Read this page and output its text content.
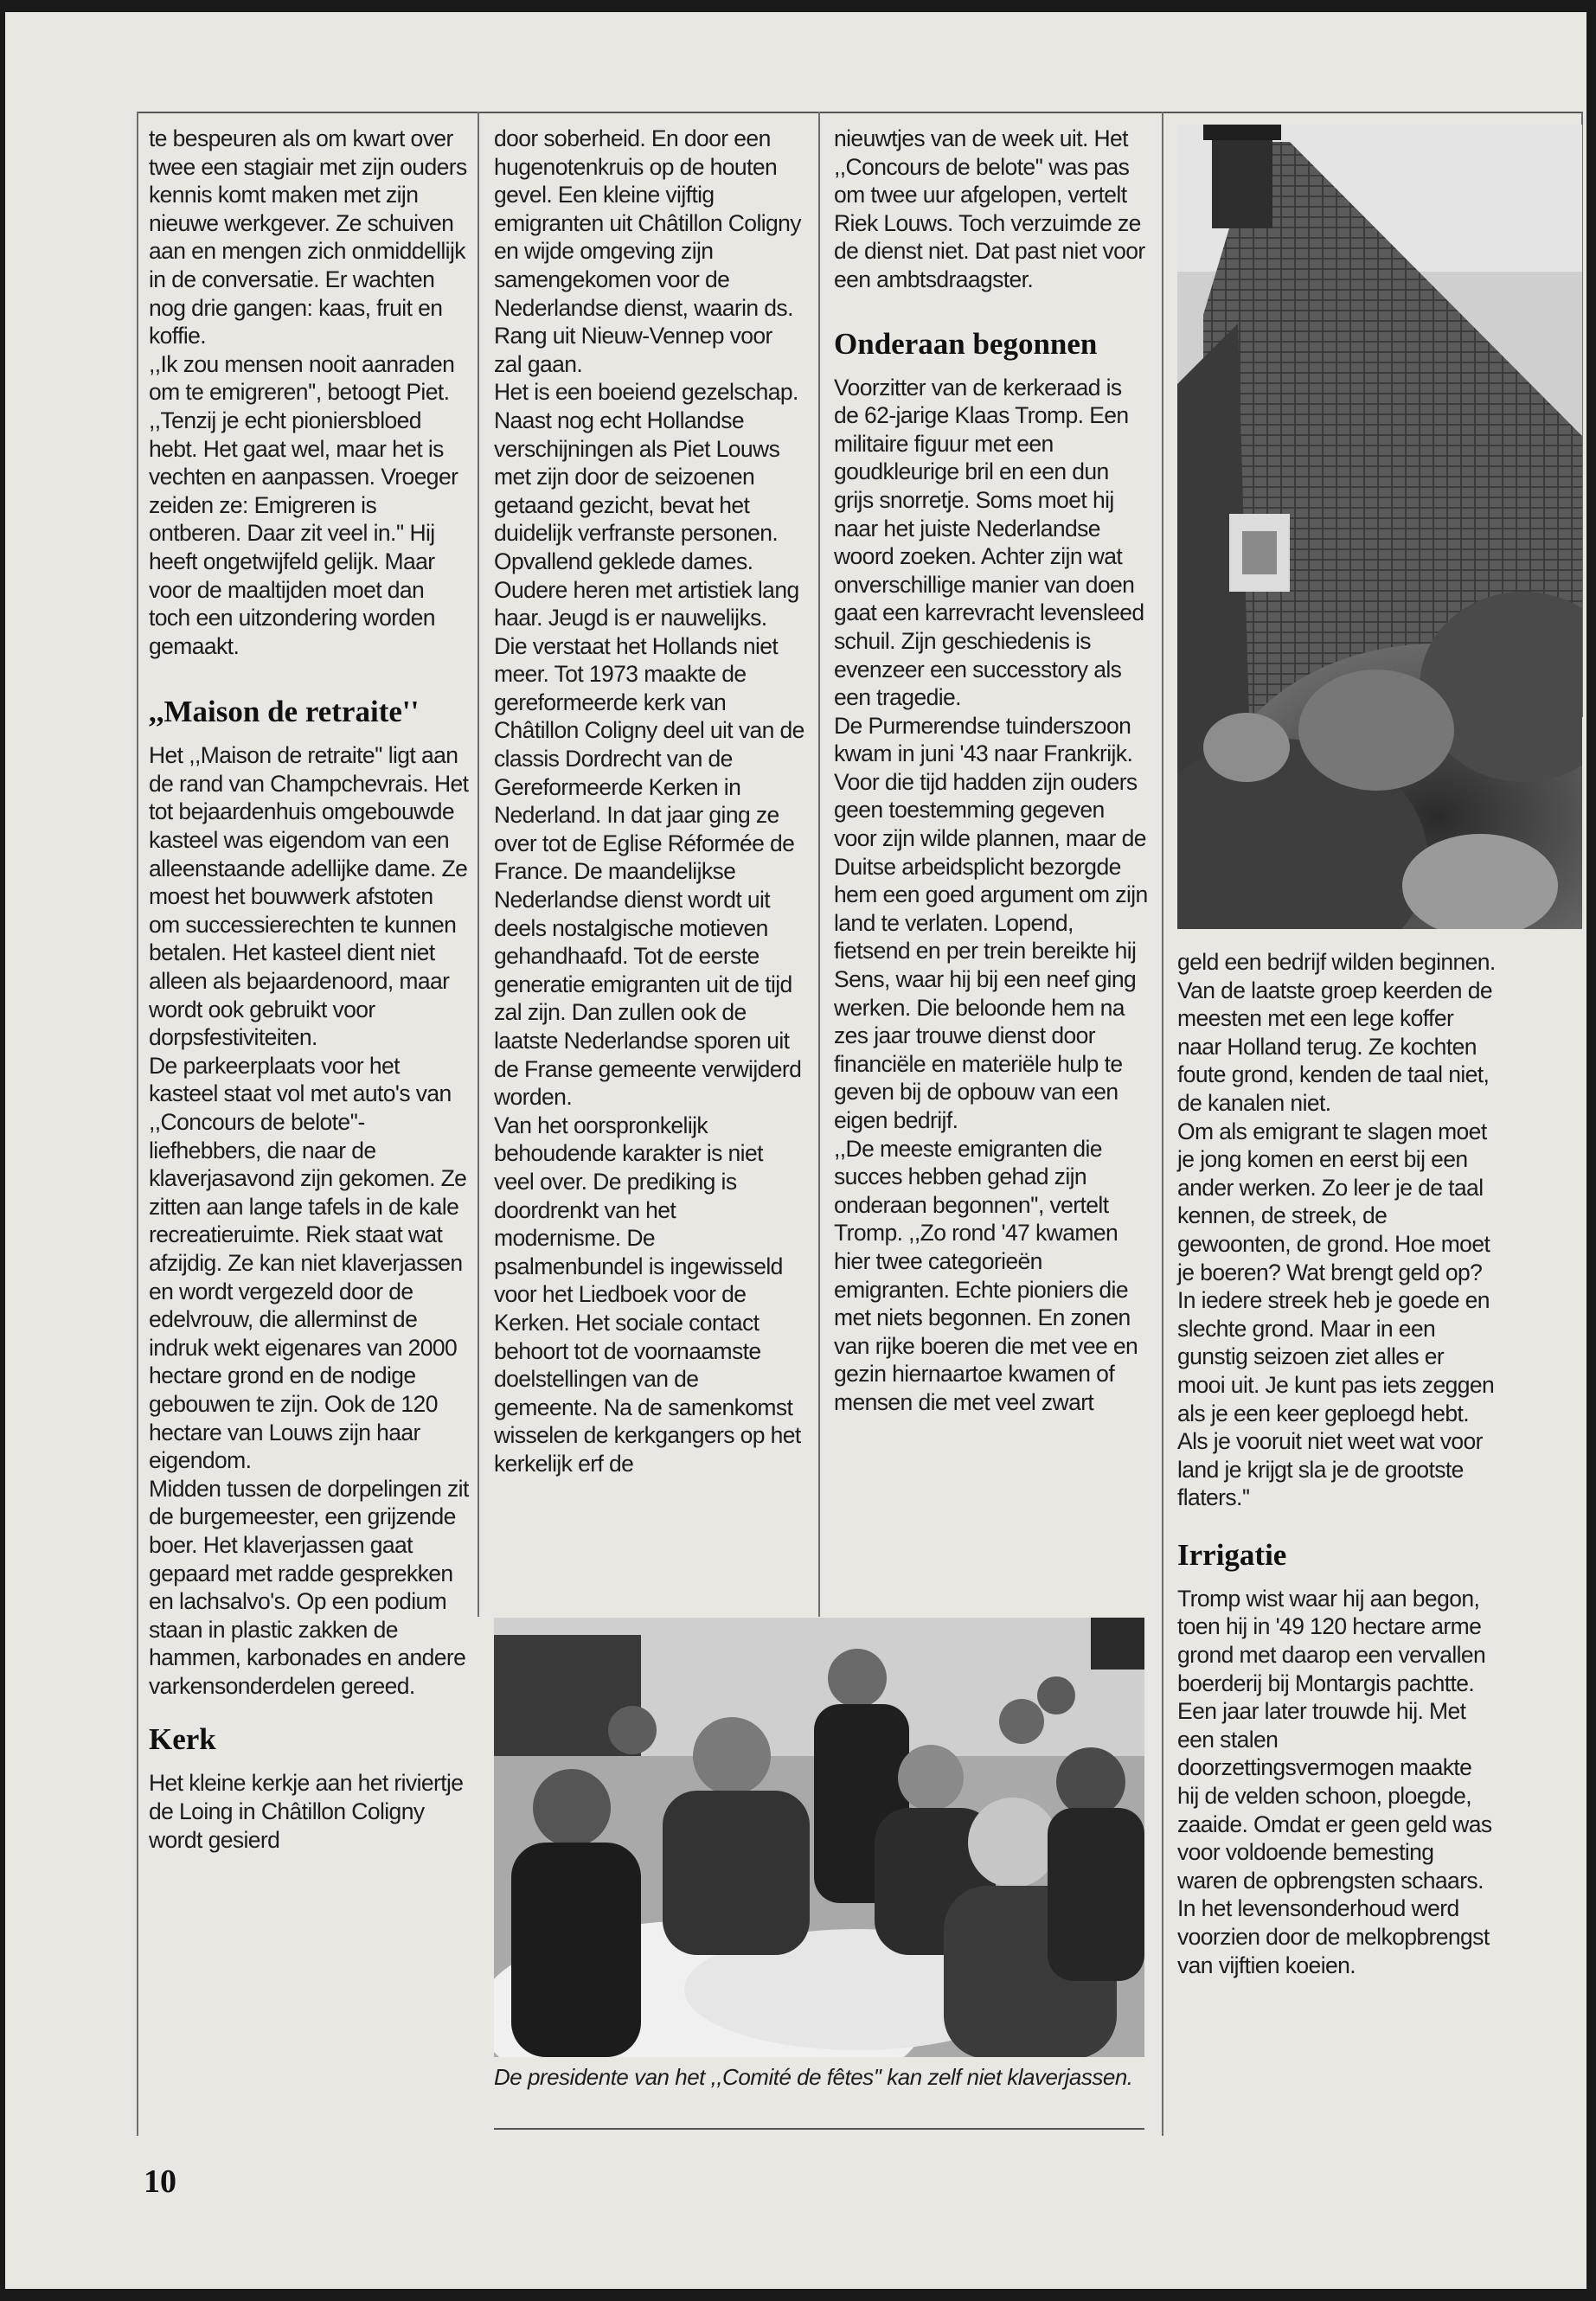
te bespeuren als om kwart over twee een stagiair met zijn ouders kennis komt maken met zijn nieuwe werkgever. Ze schuiven aan en mengen zich onmiddellijk in de conversatie. Er wachten nog drie gangen: kaas, fruit en koffie.

,,Ik zou mensen nooit aanraden om te emigreren'', betoogt Piet. ,,Tenzij je echt pioniersbloed hebt. Het gaat wel, maar het is vechten en aanpassen. Vroeger zeiden ze: Emigreren is ontberen. Daar zit veel in.'' Hij heeft ongetwijfeld gelijk. Maar voor de maaltijden moet dan toch een uitzondering worden gemaakt.

,,Maison de retraite''

Het ,,Maison de retraite'' ligt aan de rand van Champchevrais. Het tot bejaardenhuis omgebouwde kasteel was eigendom van een alleenstaande adellijke dame. Ze moest het bouwwerk afstoten om successierechten te kunnen betalen. Het kasteel dient niet alleen als bejaardenoord, maar wordt ook gebruikt voor dorpsfestiviteiten.

De parkeerplaats voor het kasteel staat vol met auto's van ,,Concours de belote''-liefhebbers, die naar de klaverjasavond zijn gekomen. Ze zitten aan lange tafels in de kale recreatieruimte. Riek staat wat afzijdig. Ze kan niet klaverjassen en wordt vergezeld door de edelvrouw, die allerminst de indruk wekt eigenares van 2000 hectare grond en de nodige gebouwen te zijn. Ook de 120 hectare van Louws zijn haar eigendom.

Midden tussen de dorpelingen zit de burgemeester, een grijzende boer. Het klaverjassen gaat gepaard met radde gesprekken en lachsalvo's. Op een podium staan in plastic zakken de hammen, karbonades en andere varkensonderdelen gereed.

Kerk

Het kleine kerkje aan het riviertje de Loing in Châtillon Coligny wordt gesierd

door soberheid. En door een hugenotenkruis op de houten gevel. Een kleine vijftig emigranten uit Châtillon Coligny en wijde omgeving zijn samengekomen voor de Nederlandse dienst, waarin ds. Rang uit Nieuw-Vennep voor zal gaan.

Het is een boeiend gezelschap. Naast nog echt Hollandse verschijningen als Piet Louws met zijn door de seizoenen getaand gezicht, bevat het duidelijk verfranste personen. Opvallend geklede dames. Oudere heren met artistiek lang haar. Jeugd is er nauwelijks. Die verstaat het Hollands niet meer. Tot 1973 maakte de gereformeerde kerk van Châtillon Coligny deel uit van de classis Dordrecht van de Gereformeerde Kerken in Nederland. In dat jaar ging ze over tot de Eglise Réformée de France. De maandelijkse Nederlandse dienst wordt uit deels nostalgische motieven gehandhaafd. Tot de eerste generatie emigranten uit de tijd zal zijn. Dan zullen ook de laatste Nederlandse sporen uit de Franse gemeente verwijderd worden.

Van het oorspronkelijk behoudende karakter is niet veel over. De prediking is doordrenkt van het modernisme. De psalmenbundel is ingewisseld voor het Liedboek voor de Kerken. Het sociale contact behoort tot de voornaamste doelstellingen van de gemeente. Na de samenkomst wisselen de kerkgangers op het kerkelijk erf de

nieuwtjes van de week uit. Het ,,Concours de belote'' was pas om twee uur afgelopen, vertelt Riek Louws. Toch verzuimde ze de dienst niet. Dat past niet voor een ambtsdraagster.

Onderaan begonnen

Voorzitter van de kerkeraad is de 62-jarige Klaas Tromp. Een militaire figuur met een goudkleurige bril en een dun grijs snorretje. Soms moet hij naar het juiste Nederlandse woord zoeken. Achter zijn wat onverschillige manier van doen gaat een karrevracht levensleed schuil. Zijn geschiedenis is evenzeer een successtory als een tragedie.

De Purmerendse tuinderszoon kwam in juni '43 naar Frankrijk. Voor die tijd hadden zijn ouders geen toestemming gegeven voor zijn wilde plannen, maar de Duitse arbeidsplicht bezorgde hem een goed argument om zijn land te verlaten. Lopend, fietsend en per trein bereikte hij Sens, waar hij bij een neef ging werken. Die beloonde hem na zes jaar trouwe dienst door financiële en materiële hulp te geven bij de opbouw van een eigen bedrijf.

,,De meeste emigranten die succes hebben gehad zijn onderaan begonnen'', vertelt Tromp. ,,Zo rond '47 kwamen hier twee categorieën emigranten. Echte pioniers die met niets begonnen. En zonen van rijke boeren die met vee en gezin hiernaartoe kwamen of mensen die met veel zwart

geld een bedrijf wilden beginnen. Van de laatste groep keerden de meesten met een lege koffer naar Holland terug. Ze kochten foute grond, kenden de taal niet, de kanalen niet.

Om als emigrant te slagen moet je jong komen en eerst bij een ander werken. Zo leer je de taal kennen, de streek, de gewoonten, de grond. Hoe moet je boeren? Wat brengt geld op? In iedere streek heb je goede en slechte grond. Maar in een gunstig seizoen ziet alles er mooi uit. Je kunt pas iets zeggen als je een keer geploegd hebt. Als je vooruit niet weet wat voor land je krijgt sla je de grootste flaters.''

Irrigatie

Tromp wist waar hij aan begon, toen hij in '49 120 hectare arme grond met daarop een vervallen boerderij bij Montargis pachtte. Een jaar later trouwde hij. Met een stalen doorzettingsvermogen maakte hij de velden schoon, ploegde, zaaide. Omdat er geen geld was voor voldoende bemesting waren de opbrengsten schaars. In het levensonderhoud werd voorzien door de melkopbrengst van vijftien koeien.

De presidente van het ,,Comité de fêtes'' kan zelf niet klaverjassen.
10
